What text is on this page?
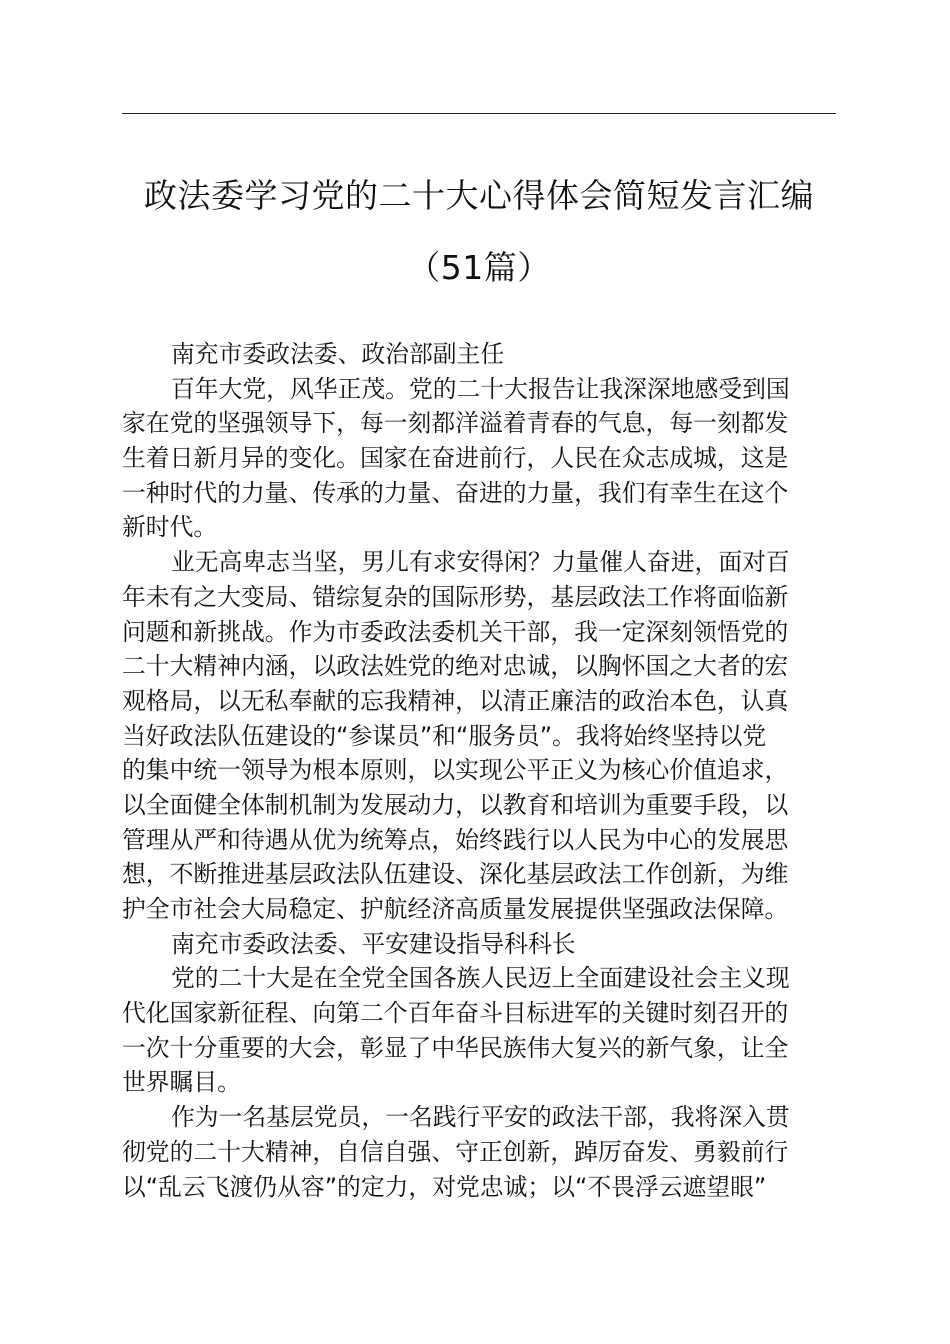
政法委学习党的二十大心得体会简短发言汇编
（51篇）
南充市委政法委、政治部副主任
百年大党，风华正茂。党的二十大报告让我深深地感受到国
家在党的坚强领导下，每一刻都洋溢着青春的气息，每一刻都发
生着日新月异的变化。国家在奋进前行，人民在众志成城，这是
一种时代的力量、传承的力量、奋进的力量，我们有幸生在这个
新时代。
业无高卑志当坚，男儿有求安得闲？力量催人奋进，面对百
年未有之大变局、错综复杂的国际形势，基层政法工作将面临新
问题和新挑战。作为市委政法委机关干部，我一定深刻领悟党的
二十大精神内涵，以政法姓党的绝对忠诚，以胸怀国之大者的宏
观格局，以无私奉献的忘我精神，以清正廉洁的政治本色，认真
当好政法队伍建设的“参谋员”和“服务员”。我将始终坚持以党
的集中统一领导为根本原则，以实现公平正义为核心价值追求，
以全面健全体制机制为发展动力，以教育和培训为重要手段，以
管理从严和待遇从优为统筹点，始终践行以人民为中心的发展思
想，不断推进基层政法队伍建设、深化基层政法工作创新，为维
护全市社会大局稳定、护航经济高质量发展提供坚强政法保障。
南充市委政法委、平安建设指导科科长
党的二十大是在全党全国各族人民迈上全面建设社会主义现
代化国家新征程、向第二个百年奋斗目标进军的关键时刻召开的
一次十分重要的大会，彰显了中华民族伟大复兴的新气象，让全
世界瞩目。
作为一名基层党员，一名践行平安的政法干部，我将深入贯
彻党的二十大精神，自信自强、守正创新，踔厉奋发、勇毅前行
以“乱云飞渡仍从容”的定力，对党忠诚；以“不畏浮云遮望眼”
